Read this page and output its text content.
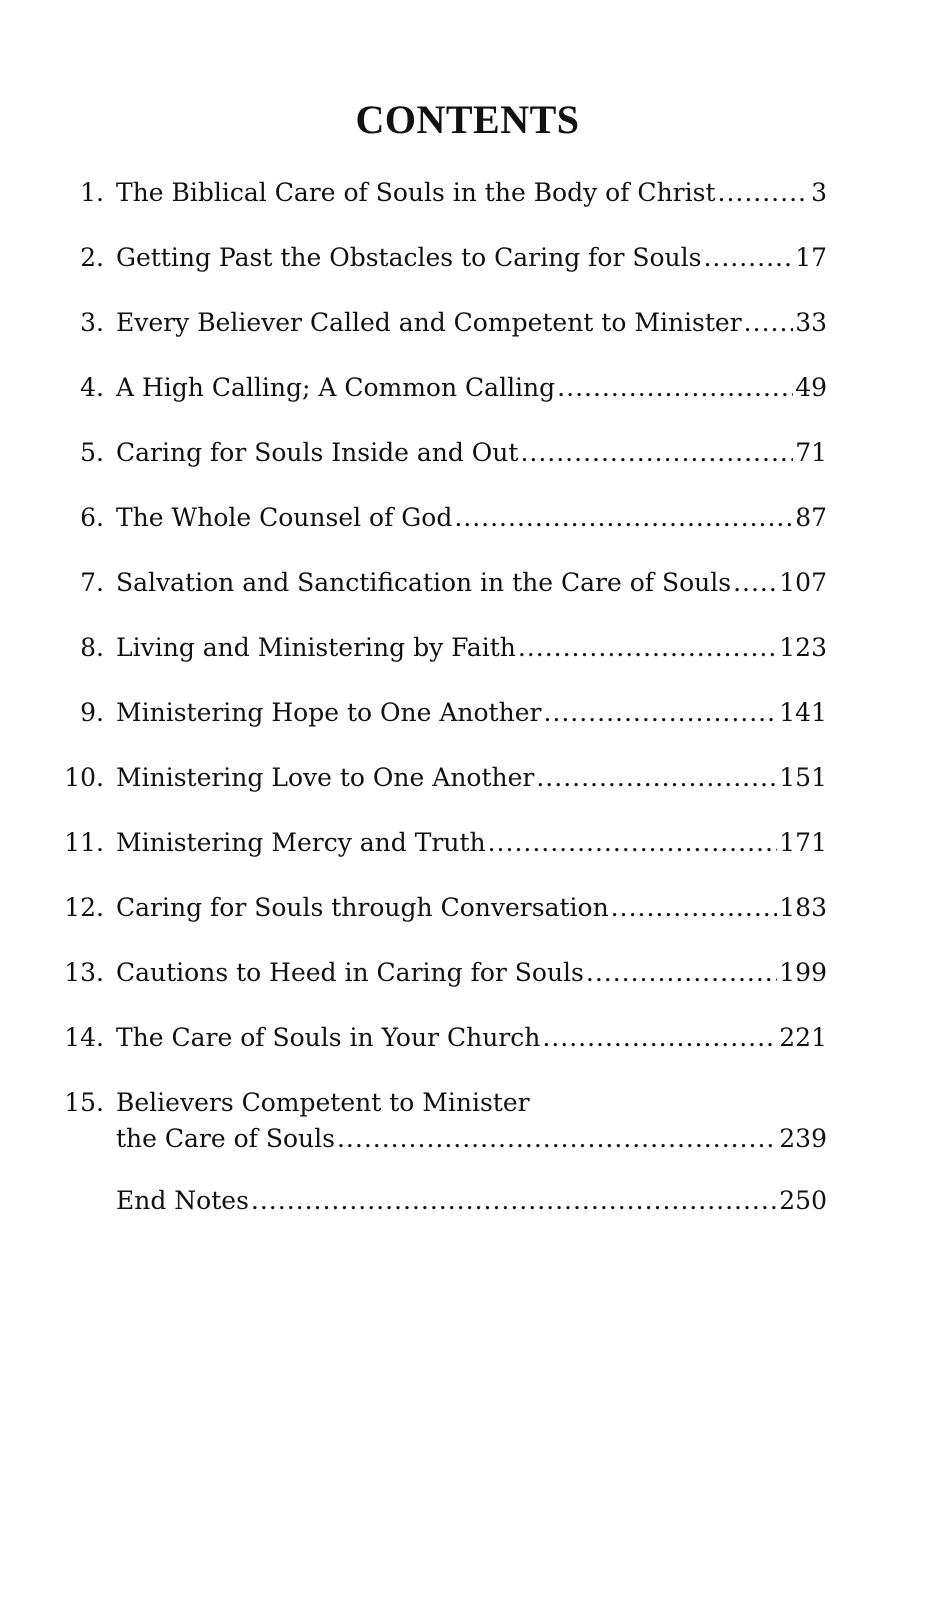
CONTENTS
1. The Biblical Care of Souls in the Body of Christ .....	3
2. Getting Past the Obstacles to Caring for Souls .....	17
3. Every Believer Called and Competent to Minister ..... 33
4. A High Calling; A Common Calling .....	49
5. Caring for Souls Inside and Out .....	71
6. The Whole Counsel of God .....	87
7. Salvation and Sanctification in the Care of Souls ..... 107
8. Living and Ministering by Faith .....	123
9. Ministering Hope to One Another .....	141
10. Ministering Love to One Another .....	151
11. Ministering Mercy and Truth .....	171
12. Caring for Souls through Conversation .....	183
13. Cautions to Heed in Caring for Souls .....	199
14. The Care of Souls in Your Church .....	221
15. Believers Competent to Minister
the Care of Souls .....	239
End Notes .....	250
